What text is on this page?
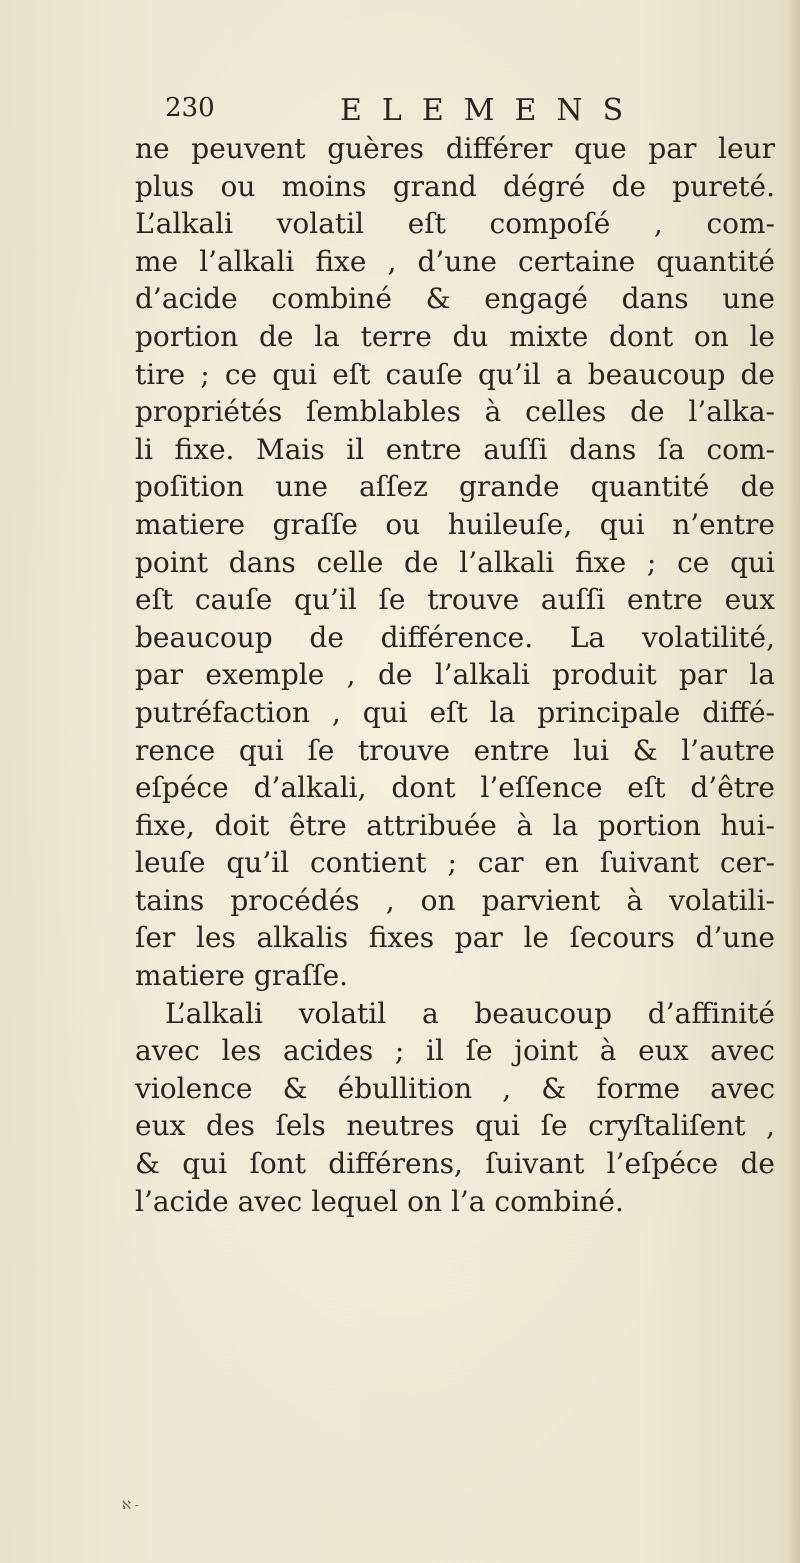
230	ELEMENS
ne peuvent guères différer que par leur
plus ou moins grand dégré de pureté.
L’alkali volatil eſt compoſé , com-
me l’alkali fixe , d’une certaine quantité
d’acide combiné & engagé dans une
portion de la terre du mixte dont on le
tire ; ce qui eſt cauſe qu’il a beaucoup de
propriétés ſemblables à celles de l’alka-
li fixe. Mais il entre auſſi dans ſa com-
poſition une aſſez grande quantité de
matiere graſſe ou huileuſe, qui n’entre
point dans celle de l’alkali fixe ; ce qui
eſt cauſe qu’il ſe trouve auſſi entre eux
beaucoup de différence. La volatilité,
par exemple , de l’alkali produit par la
putréfaction , qui eſt la principale diffé-
rence qui ſe trouve entre lui & l’autre
eſpéce d’alkali, dont l’eſſence eſt d’être
fixe, doit être attribuée à la portion hui-
leuſe qu’il contient ; car en ſuivant cer-
tains procédés , on parvient à volatili-
ſer les alkalis fixes par le ſecours d’une
matiere graſſe.
L’alkali volatil a beaucoup d’affinité
avec les acides ; il ſe joint à eux avec
violence & ébullition , & forme avec
eux des ſels neutres qui ſe cryſtaliſent ,
& qui ſont différens, ſuivant l’eſpéce de
l’acide avec lequel on l’a combiné.
ℵ -
